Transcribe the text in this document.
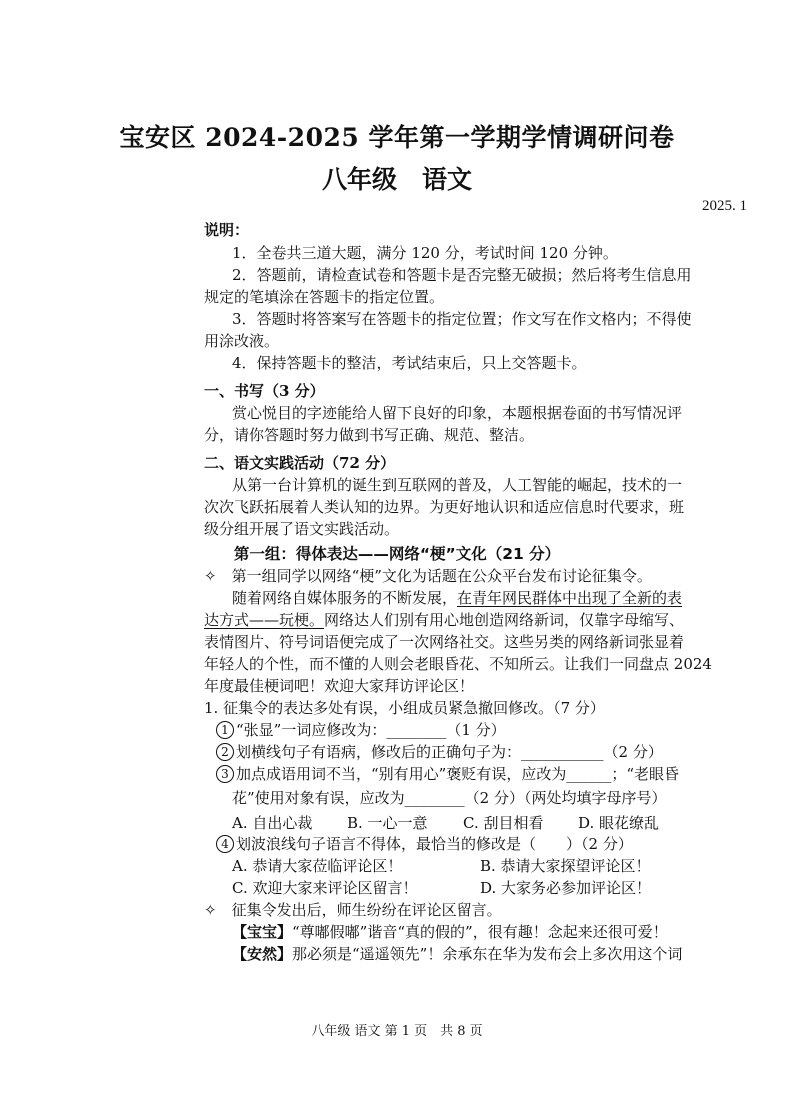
宝安区 2024-2025 学年第一学期学情调研问卷
八年级　语文
2025. 1
说明：
1．全卷共三道大题，满分 120 分，考试时间 120 分钟。
2．答题前，请检查试卷和答题卡是否完整无破损；然后将考生信息用
规定的笔填涂在答题卡的指定位置。
3．答题时将答案写在答题卡的指定位置；作文写在作文格内；不得使
用涂改液。
4．保持答题卡的整洁，考试结束后，只上交答题卡。
一、书写（3 分）
赏心悦目的字迹能给人留下良好的印象，本题根据卷面的书写情况评
分，请你答题时努力做到书写正确、规范、整洁。
二、语文实践活动（72 分）
从第一台计算机的诞生到互联网的普及，人工智能的崛起，技术的一
次次飞跃拓展着人类认知的边界。为更好地认识和适应信息时代要求，班
级分组开展了语文实践活动。
第一组：得体表达——网络“梗”文化（21 分）
✧　第一组同学以网络“梗”文化为话题在公众平台发布讨论征集令。
随着网络自媒体服务的不断发展，在青年网民群体中出现了全新的表
达方式——玩梗。网络达人们别有用心地创造网络新词，仅靠字母缩写、
表情图片、符号词语便完成了一次网络社交。这些另类的网络新词张显着
年轻人的个性，而不懂的人则会老眼昏花、不知所云。让我们一同盘点 2024
年度最佳梗词吧！欢迎大家拜访评论区！
1. 征集令的表达多处有误，小组成员紧急撤回修改。（7 分）
1 “张显”一词应修改为：________（1 分）
2 划横线句子有语病，修改后的正确句子为：___________（2 分）
3 加点成语用词不当，“别有用心”褒贬有误，应改为______；“老眼昏
花”使用对象有误，应改为________（2 分）（两处均填字母序号）
A. 自出心裁 B. 一心一意 C. 刮目相看 D. 眼花缭乱
4 划波浪线句子语言不得体，最恰当的修改是（　　）（2 分）
A. 恭请大家莅临评论区！	B. 恭请大家探望评论区！
C. 欢迎大家来评论区留言！	D. 大家务必参加评论区！
✧　征集令发出后，师生纷纷在评论区留言。
【宝宝】“尊嘟假嘟”谐音“真的假的”，很有趣！念起来还很可爱！
【安然】那必须是“遥遥领先”！余承东在华为发布会上多次用这个词
八年级 语文 第 1 页　共 8 页
